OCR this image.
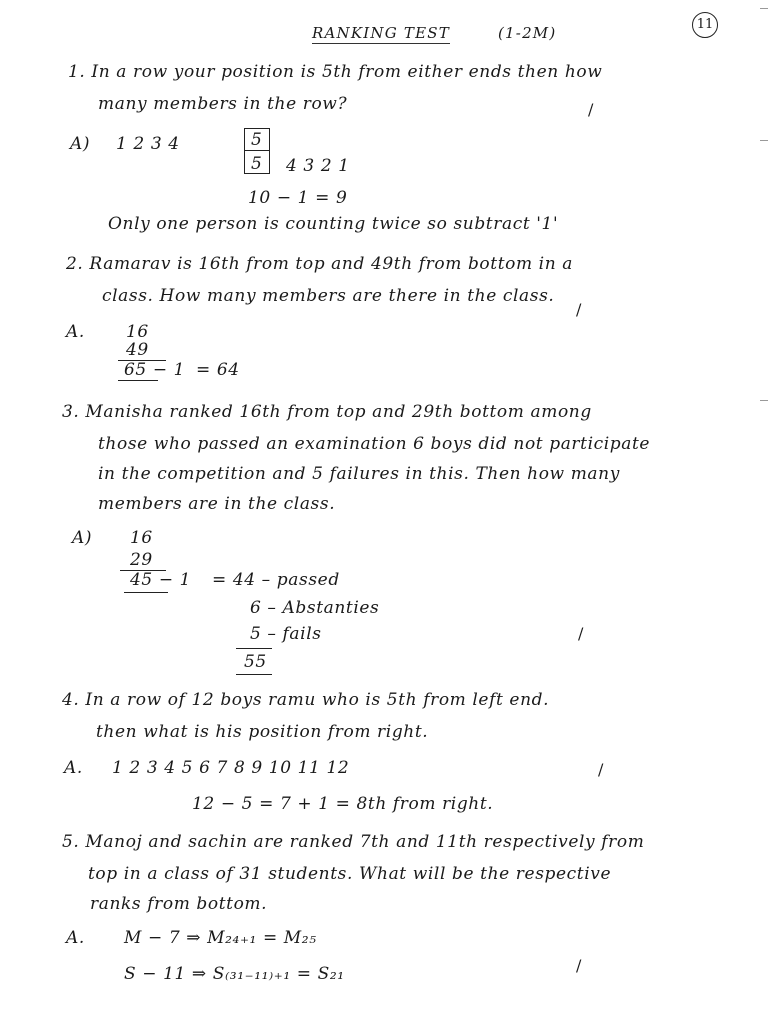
RANKING TEST	(1-2M)	11
1. In a row your position is 5th from either ends then how
many members in the row?	/
A) 1 2 3 4	5
5 4 3 2 1
10 − 1 = 9
Only one person is counting twice so subtract '1'
2. Ramarav is 16th from top and 49th from bottom in a
class. How many members are there in the class.
/
A. 16
49
65 − 1 = 64
3. Manisha ranked 16th from top and 29th bottom among
those who passed an examination 6 boys did not participate
in the competition and 5 failures in this. Then how many
members are in the class.
A) 16
29
45 − 1 = 44 – passed
6 – Abstanties
5 – fails	/
55
4. In a row of 12 boys ramu who is 5th from left end.
then what is his position from right.
A. 1 2 3 4 5 6 7 8 9 10 11 12	/
12 − 5 = 7 + 1 = 8th from right.
5. Manoj and sachin are ranked 7th and 11th respectively from
top in a class of 31 students. What will be the respective
ranks from bottom.
A. M − 7 ⇒ M₂₄₊₁ = M₂₅
S − 11 ⇒ S₍₃₁₋₁₁₎₊₁ = S₂₁	/
